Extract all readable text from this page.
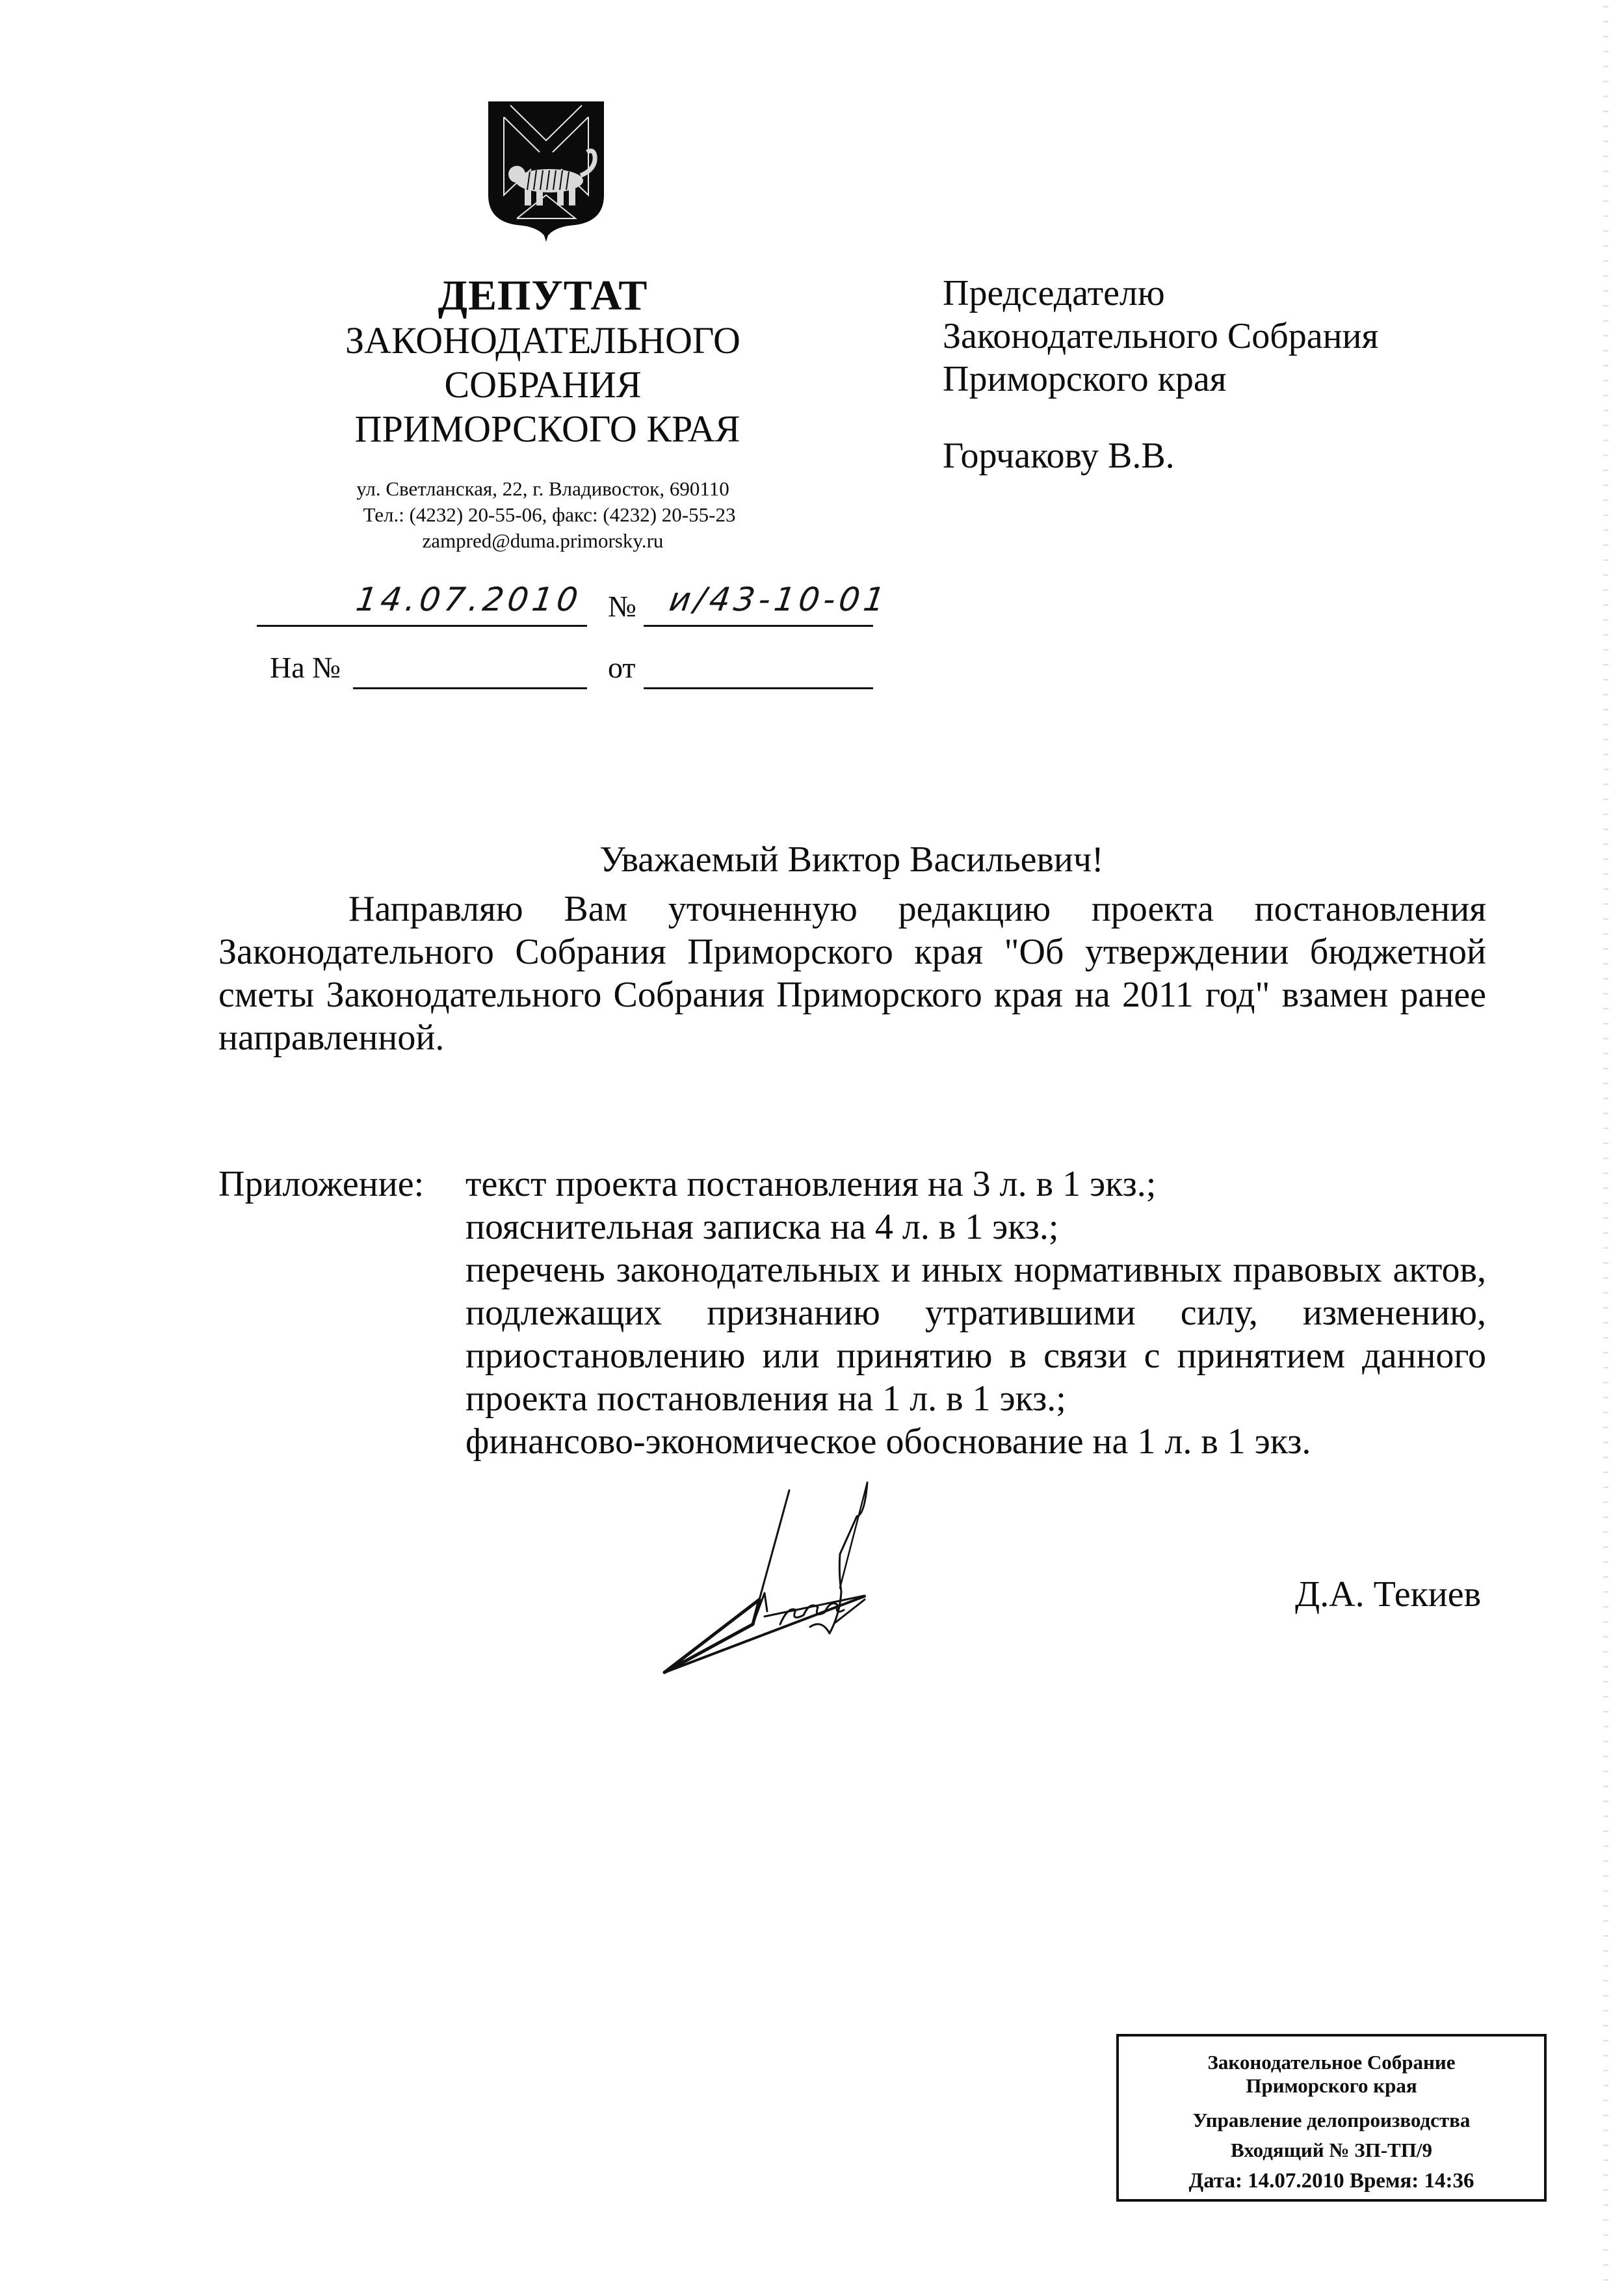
ДЕПУТАТ
ЗАКОНОДАТЕЛЬНОГО
СОБРАНИЯ
ПРИМОРСКОГО КРАЯ
ул. Светланская, 22, г. Владивосток, 690110
Тел.: (4232) 20-55-06, факс: (4232) 20-55-23
zampred@duma.primorsky.ru
14.07.2010 № и/43-10-01
На №	от
Председателю
Законодательного Собрания
Приморского края
Горчакову В.В.
Уважаемый Виктор Васильевич!
Направляю Вам уточненную редакцию проекта постановления Законодательного Собрания Приморского края "Об утверждении бюджетной сметы Законодательного Собрания Приморского края на 2011 год" взамен ранее направленной.
Приложение: текст проекта постановления на 3 л. в 1 экз.;
пояснительная записка на 4 л. в 1 экз.;
перечень законодательных и иных нормативных правовых актов, подлежащих признанию утратившими силу, изменению, приостановлению или принятию в связи с принятием данного проекта постановления на 1 л. в 1 экз.;
финансово-экономическое обоснование на 1 л. в 1 экз.
Д.А. Текиев
Законодательное Собрание
Приморского края
Управление делопроизводства
Входящий № ЗП-ТП/9
Дата: 14.07.2010 Время: 14:36
